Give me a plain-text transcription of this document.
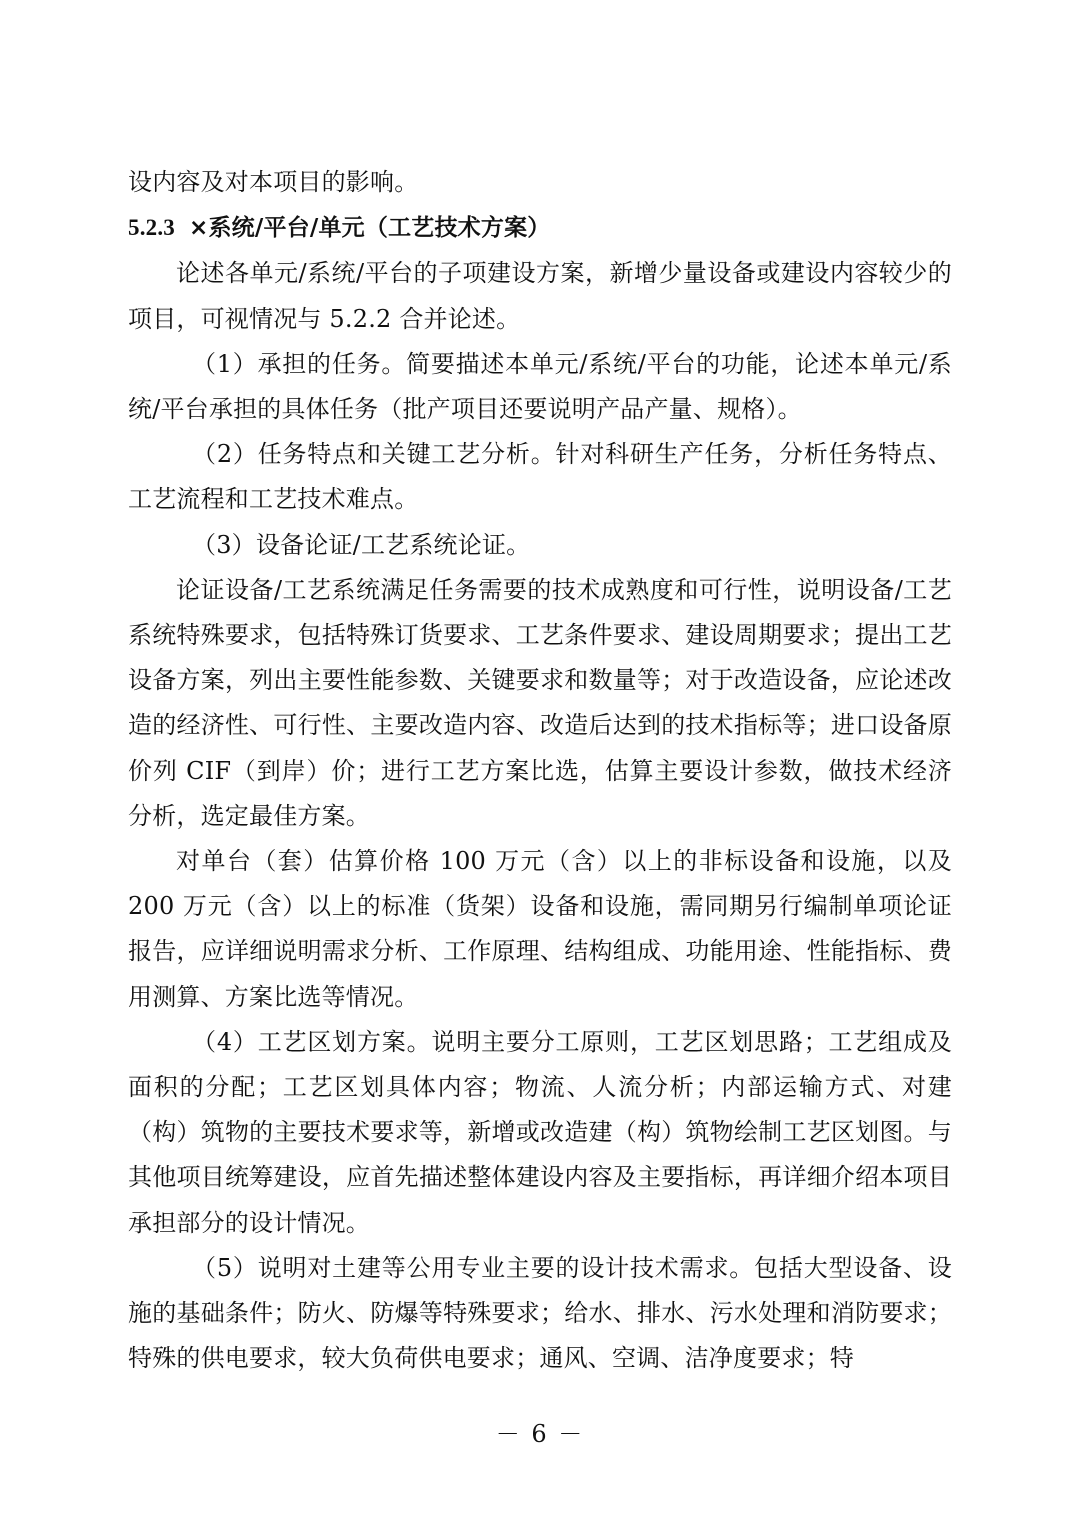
设内容及对本项目的影响。

5.2.3 ×系统/平台/单元（工艺技术方案）

论述各单元/系统/平台的子项建设方案，新增少量设备或建设内容较少的项目，可视情况与 5.2.2 合并论述。

（1）承担的任务。简要描述本单元/系统/平台的功能，论述本单元/系统/平台承担的具体任务（批产项目还要说明产品产量、规格）。

（2）任务特点和关键工艺分析。针对科研生产任务，分析任务特点、工艺流程和工艺技术难点。

（3）设备论证/工艺系统论证。

论证设备/工艺系统满足任务需要的技术成熟度和可行性，说明设备/工艺系统特殊要求，包括特殊订货要求、工艺条件要求、建设周期要求；提出工艺设备方案，列出主要性能参数、关键要求和数量等；对于改造设备，应论述改造的经济性、可行性、主要改造内容、改造后达到的技术指标等；进口设备原价列 CIF（到岸）价；进行工艺方案比选，估算主要设计参数，做技术经济分析，选定最佳方案。

对单台（套）估算价格 100 万元（含）以上的非标设备和设施，以及 200 万元（含）以上的标准（货架）设备和设施，需同期另行编制单项论证报告，应详细说明需求分析、工作原理、结构组成、功能用途、性能指标、费用测算、方案比选等情况。

（4）工艺区划方案。说明主要分工原则，工艺区划思路；工艺组成及面积的分配；工艺区划具体内容；物流、人流分析；内部运输方式、对建（构）筑物的主要技术要求等，新增或改造建（构）筑物绘制工艺区划图。与其他项目统筹建设，应首先描述整体建设内容及主要指标，再详细介绍本项目承担部分的设计情况。

（5）说明对土建等公用专业主要的设计技术需求。包括大型设备、设施的基础条件；防火、防爆等特殊要求；给水、排水、污水处理和消防要求；特殊的供电要求，较大负荷供电要求；通风、空调、洁净度要求；特

－ 6 －
